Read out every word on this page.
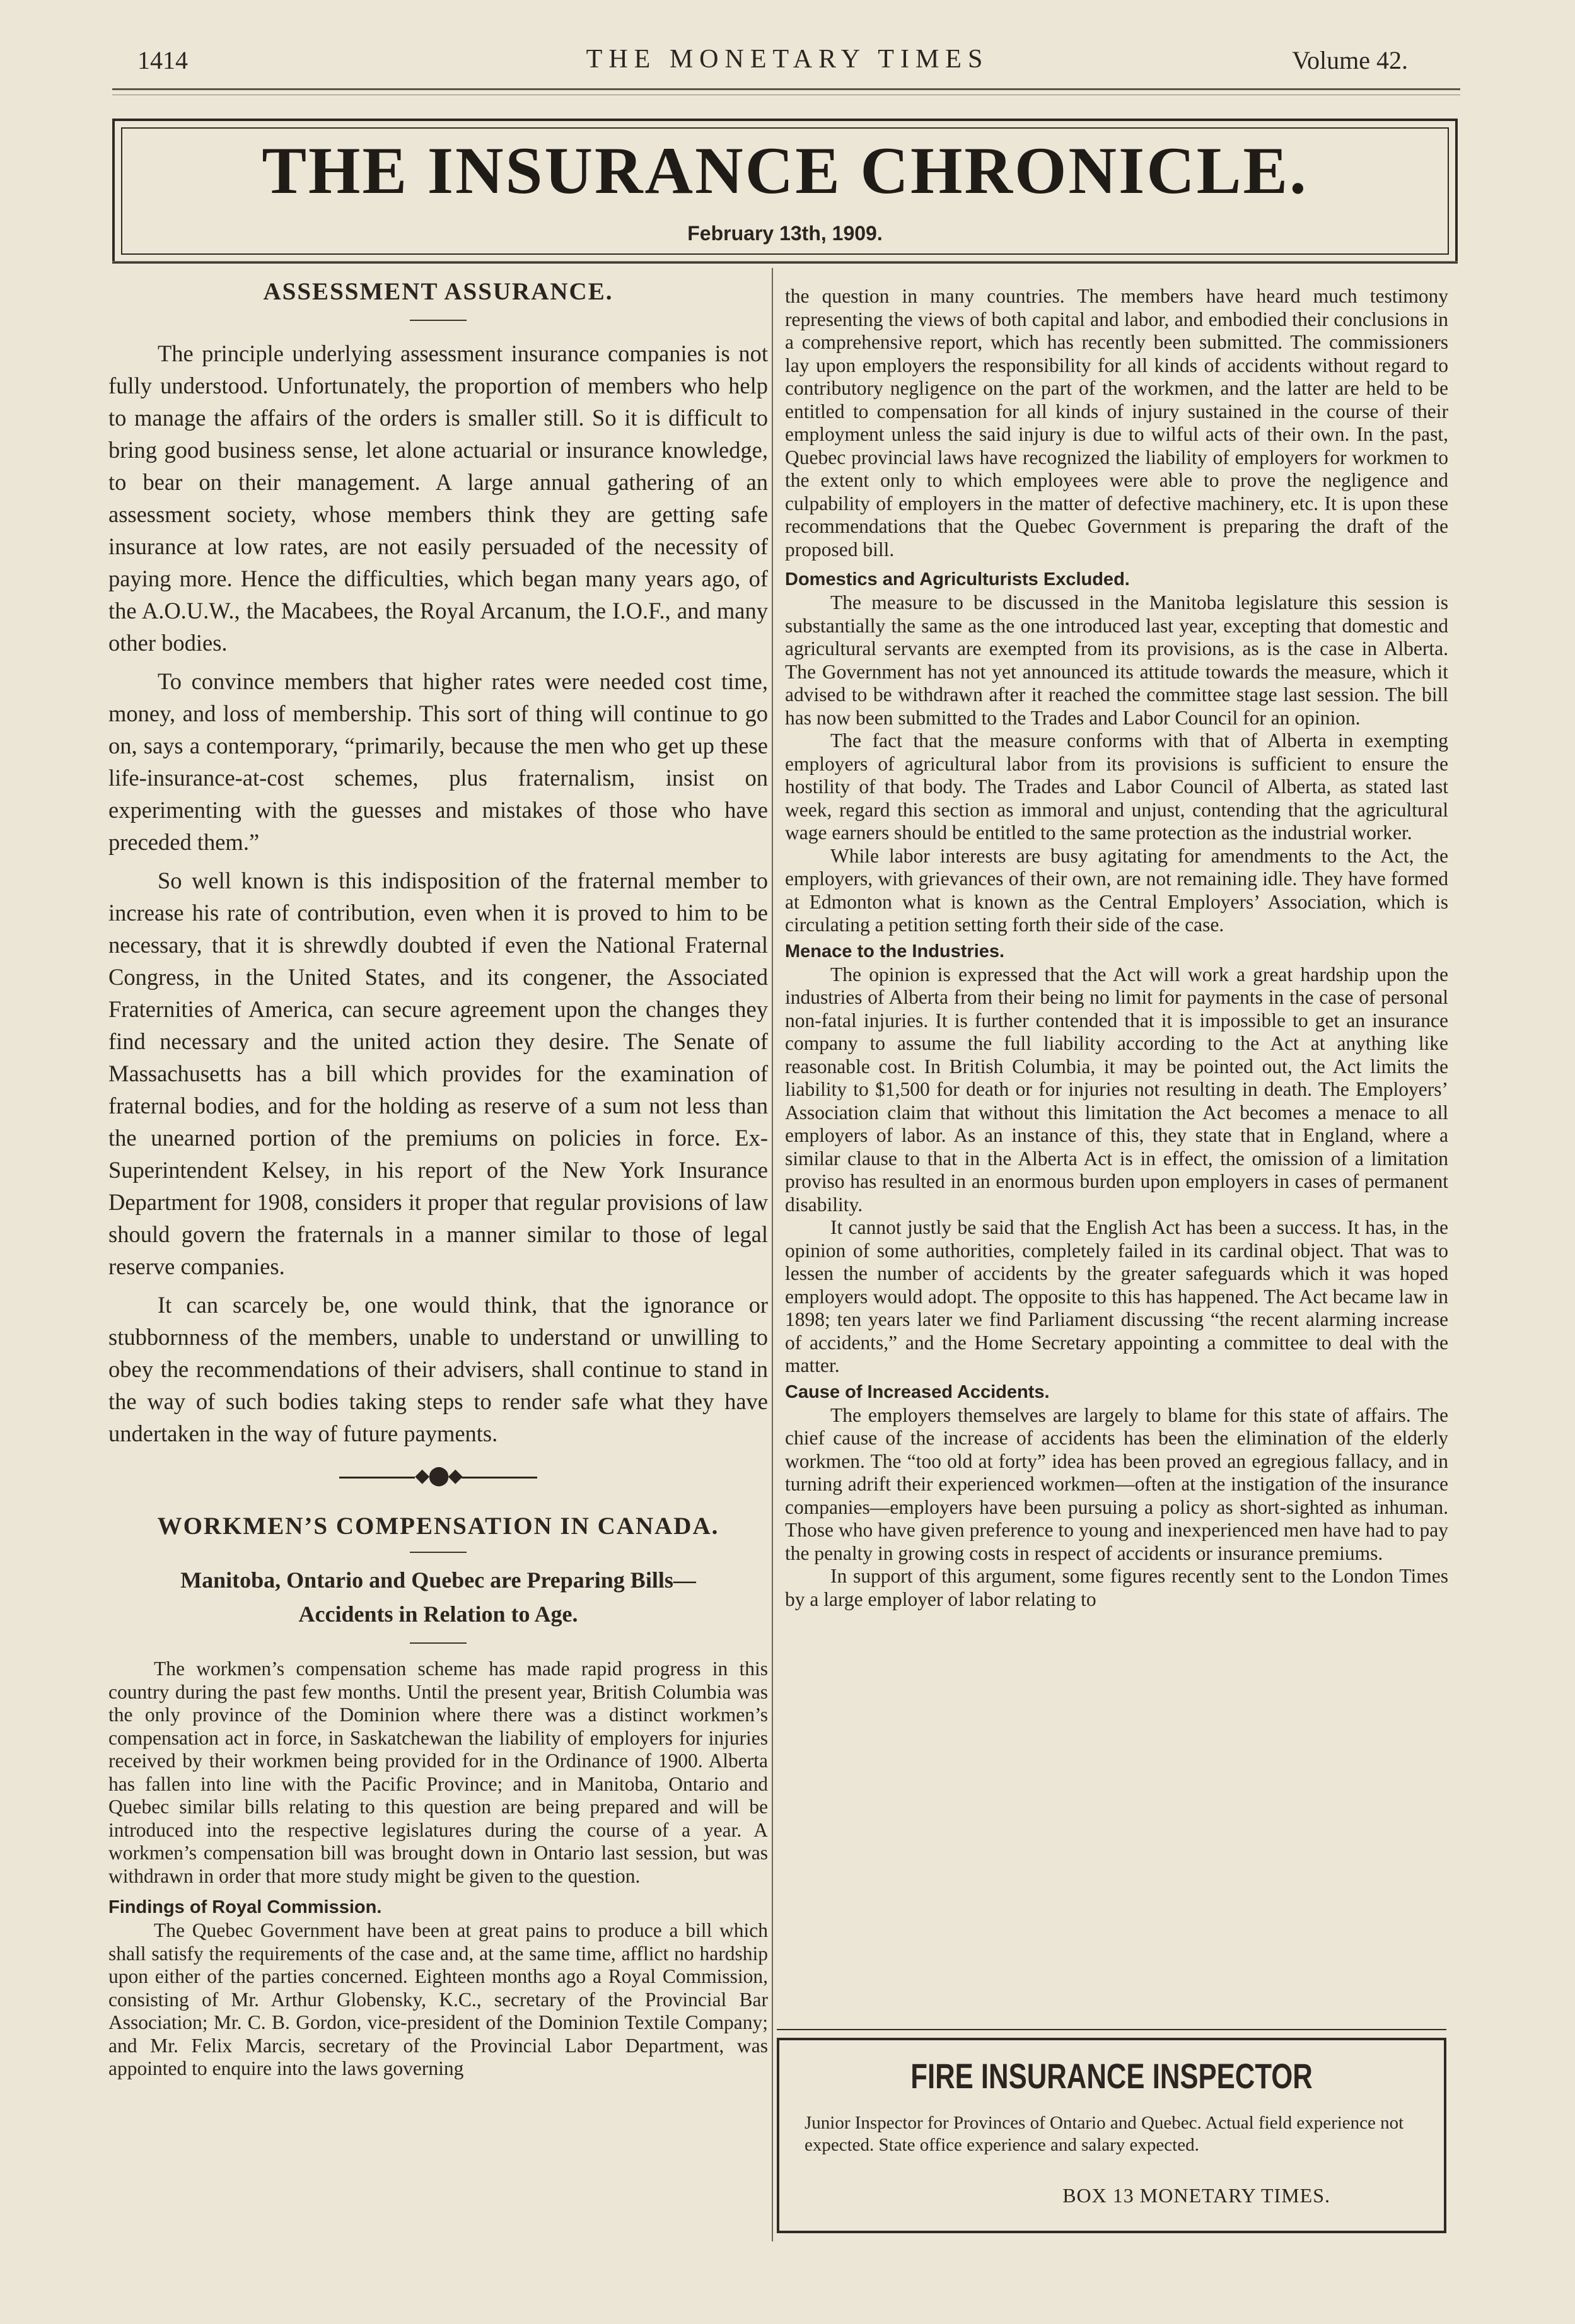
1414	THE MONETARY TIMES	Volume 42.
THE INSURANCE CHRONICLE.
February 13th, 1909.
ASSESSMENT ASSURANCE.

The principle underlying assessment insurance companies is not fully understood. Unfortunately, the proportion of members who help to manage the affairs of the orders is smaller still. So it is difficult to bring good business sense, let alone actuarial or insurance knowledge, to bear on their management. A large annual gathering of an assessment society, whose members think they are getting safe insurance at low rates, are not easily persuaded of the necessity of paying more. Hence the difficulties, which began many years ago, of the A.O.U.W., the Macabees, the Royal Arcanum, the I.O.F., and many other bodies.

To convince members that higher rates were needed cost time, money, and loss of membership. This sort of thing will continue to go on, says a contemporary, “primarily, because the men who get up these life-insurance-at-cost schemes, plus fraternalism, insist on experimenting with the guesses and mistakes of those who have preceded them.”

So well known is this indisposition of the fraternal member to increase his rate of contribution, even when it is proved to him to be necessary, that it is shrewdly doubted if even the National Fraternal Congress, in the United States, and its congener, the Associated Fraternities of America, can secure agreement upon the changes they find necessary and the united action they desire. The Senate of Massachusetts has a bill which provides for the examination of fraternal bodies, and for the holding as reserve of a sum not less than the unearned portion of the premiums on policies in force. Ex-Superintendent Kelsey, in his report of the New York Insurance Department for 1908, considers it proper that regular provisions of law should govern the fraternals in a manner similar to those of legal reserve companies.

It can scarcely be, one would think, that the ignorance or stubbornness of the members, unable to understand or unwilling to obey the recommendations of their advisers, shall continue to stand in the way of such bodies taking steps to render safe what they have undertaken in the way of future payments.

◆⬤◆
WORKMEN’S COMPENSATION IN CANADA.
Manitoba, Ontario and Quebec are Preparing Bills—
Accidents in Relation to Age.

The workmen’s compensation scheme has made rapid progress in this country during the past few months. Until the present year, British Columbia was the only province of the Dominion where there was a distinct workmen’s compensation act in force, in Saskatchewan the liability of employers for injuries received by their workmen being provided for in the Ordinance of 1900. Alberta has fallen into line with the Pacific Province; and in Manitoba, Ontario and Quebec similar bills relating to this question are being prepared and will be introduced into the respective legislatures during the course of a year. A workmen’s compensation bill was brought down in Ontario last session, but was withdrawn in order that more study might be given to the question.

Findings of Royal Commission.

The Quebec Government have been at great pains to produce a bill which shall satisfy the requirements of the case and, at the same time, afflict no hardship upon either of the parties concerned. Eighteen months ago a Royal Commission, consisting of Mr. Arthur Globensky, K.C., secretary of the Provincial Bar Association; Mr. C. B. Gordon, vice-president of the Dominion Textile Company; and Mr. Felix Marcis, secretary of the Provincial Labor Department, was appointed to enquire into the laws governing

the question in many countries. The members have heard much testimony representing the views of both capital and labor, and embodied their conclusions in a comprehensive report, which has recently been submitted. The commissioners lay upon employers the responsibility for all kinds of accidents without regard to contributory negligence on the part of the workmen, and the latter are held to be entitled to compensation for all kinds of injury sustained in the course of their employment unless the said injury is due to wilful acts of their own. In the past, Quebec provincial laws have recognized the liability of employers for workmen to the extent only to which employees were able to prove the negligence and culpability of employers in the matter of defective machinery, etc. It is upon these recommendations that the Quebec Government is preparing the draft of the proposed bill.

Domestics and Agriculturists Excluded.

The measure to be discussed in the Manitoba legislature this session is substantially the same as the one introduced last year, excepting that domestic and agricultural servants are exempted from its provisions, as is the case in Alberta. The Government has not yet announced its attitude towards the measure, which it advised to be withdrawn after it reached the committee stage last session. The bill has now been submitted to the Trades and Labor Council for an opinion.

The fact that the measure conforms with that of Alberta in exempting employers of agricultural labor from its provisions is sufficient to ensure the hostility of that body. The Trades and Labor Council of Alberta, as stated last week, regard this section as immoral and unjust, contending that the agricultural wage earners should be entitled to the same protection as the industrial worker.

While labor interests are busy agitating for amendments to the Act, the employers, with grievances of their own, are not remaining idle. They have formed at Edmonton what is known as the Central Employers’ Association, which is circulating a petition setting forth their side of the case.

Menace to the Industries.

The opinion is expressed that the Act will work a great hardship upon the industries of Alberta from their being no limit for payments in the case of personal non-fatal injuries. It is further contended that it is impossible to get an insurance company to assume the full liability according to the Act at anything like reasonable cost. In British Columbia, it may be pointed out, the Act limits the liability to $1,500 for death or for injuries not resulting in death. The Employers’ Association claim that without this limitation the Act becomes a menace to all employers of labor. As an instance of this, they state that in England, where a similar clause to that in the Alberta Act is in effect, the omission of a limitation proviso has resulted in an enormous burden upon employers in cases of permanent disability.

It cannot justly be said that the English Act has been a success. It has, in the opinion of some authorities, completely failed in its cardinal object. That was to lessen the number of accidents by the greater safeguards which it was hoped employers would adopt. The opposite to this has happened. The Act became law in 1898; ten years later we find Parliament discussing “the recent alarming increase of accidents,” and the Home Secretary appointing a committee to deal with the matter.

Cause of Increased Accidents.

The employers themselves are largely to blame for this state of affairs. The chief cause of the increase of accidents has been the elimination of the elderly workmen. The “too old at forty” idea has been proved an egregious fallacy, and in turning adrift their experienced workmen—often at the instigation of the insurance companies—employers have been pursuing a policy as short-sighted as inhuman. Those who have given preference to young and inexperienced men have had to pay the penalty in growing costs in respect of accidents or insurance premiums.

In support of this argument, some figures recently sent to the London Times by a large employer of labor relating to

FIRE INSURANCE INSPECTOR
Junior Inspector for Provinces of Ontario and Quebec. Actual field experience not expected. State office experience and salary expected.
BOX 13 MONETARY TIMES.
